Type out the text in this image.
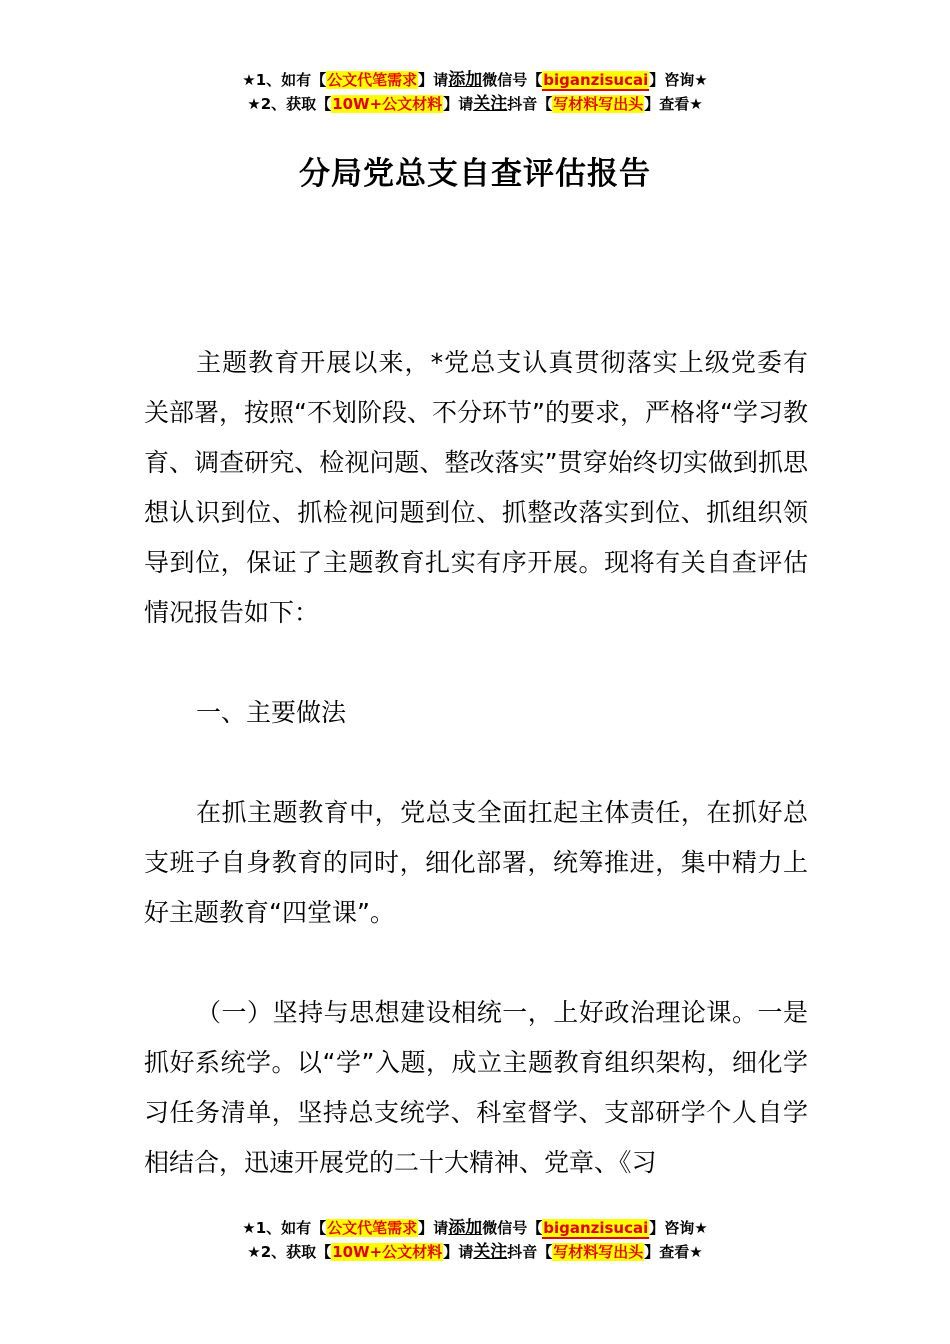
★1、如有【公文代笔需求】请添加微信号【biganzisucai】咨询★
★2、获取【10W+公文材料】请关注抖音【写材料写出头】查看★
分局党总支自查评估报告

主题教育开展以来，*党总支认真贯彻落实上级党委有关部署，按照“不划阶段、不分环节”的要求，严格将“学习教育、调查研究、检视问题、整改落实”贯穿始终切实做到抓思想认识到位、抓检视问题到位、抓整改落实到位、抓组织领导到位，保证了主题教育扎实有序开展。现将有关自查评估情况报告如下：

一、主要做法

在抓主题教育中，党总支全面扛起主体责任，在抓好总支班子自身教育的同时，细化部署，统筹推进，集中精力上好主题教育“四堂课”。

（一）坚持与思想建设相统一，上好政治理论课。一是抓好系统学。以“学”入题，成立主题教育组织架构，细化学习任务清单，坚持总支统学、科室督学、支部研学个人自学相结合，迅速开展党的二十大精神、党章、《习

★1、如有【公文代笔需求】请添加微信号【biganzisucai】咨询★
★2、获取【10W+公文材料】请关注抖音【写材料写出头】查看★
